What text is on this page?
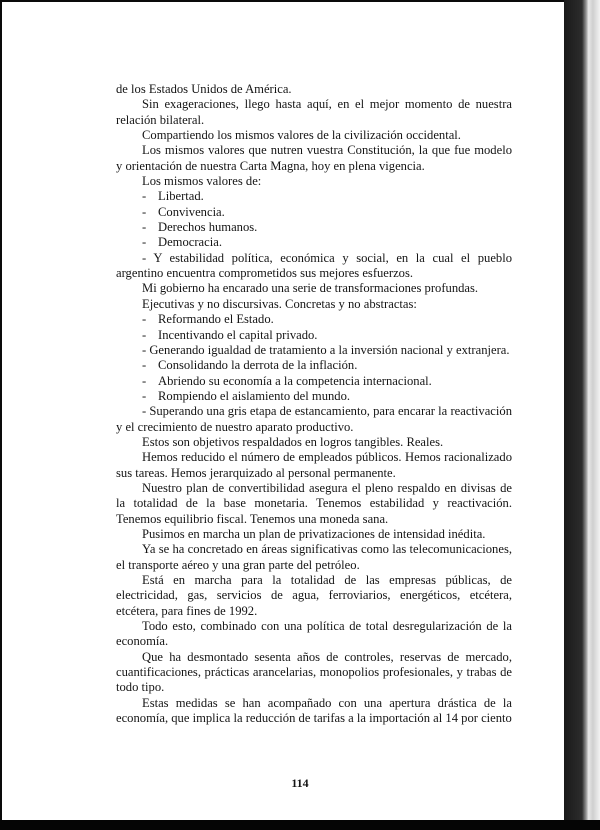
de los Estados Unidos de América.

Sin exageraciones, llego hasta aquí, en el mejor momento de nuestra relación bilateral.

Compartiendo los mismos valores de la civilización occidental.

Los mismos valores que nutren vuestra Constitución, la que fue modelo y orientación de nuestra Carta Magna, hoy en plena vigencia.

Los mismos valores de:

- Libertad.

- Convivencia.

- Derechos humanos.

- Democracia.

- Y estabilidad política, económica y social, en la cual el pueblo argentino encuentra comprometidos sus mejores esfuerzos.

Mi gobierno ha encarado una serie de transformaciones profundas.

Ejecutivas y no discursivas. Concretas y no abstractas:

- Reformando el Estado.

- Incentivando el capital privado.

- Generando igualdad de tratamiento a la inversión nacional y extranjera.

- Consolidando la derrota de la inflación.

- Abriendo su economía a la competencia internacional.

- Rompiendo el aislamiento del mundo.

- Superando una gris etapa de estancamiento, para encarar la reactivación y el crecimiento de nuestro aparato productivo.

Estos son objetivos respaldados en logros tangibles. Reales.

Hemos reducido el número de empleados públicos. Hemos racionalizado sus tareas. Hemos jerarquizado al personal permanente.

Nuestro plan de convertibilidad asegura el pleno respaldo en divisas de la totalidad de la base monetaria. Tenemos estabilidad y reactivación. Tenemos equilibrio fiscal. Tenemos una moneda sana.

Pusimos en marcha un plan de privatizaciones de intensidad inédita.

Ya se ha concretado en áreas significativas como las telecomunicaciones, el transporte aéreo y una gran parte del petróleo.

Está en marcha para la totalidad de las empresas públicas, de electricidad, gas, servicios de agua, ferroviarios, energéticos, etcétera, etcétera, para fines de 1992.

Todo esto, combinado con una política de total desregularización de la economía.

Que ha desmontado sesenta años de controles, reservas de mercado, cuantificaciones, prácticas arancelarias, monopolios profesionales, y trabas de todo tipo.

Estas medidas se han acompañado con una apertura drástica de la economía, que implica la reducción de tarifas a la importación al 14 por ciento

114
